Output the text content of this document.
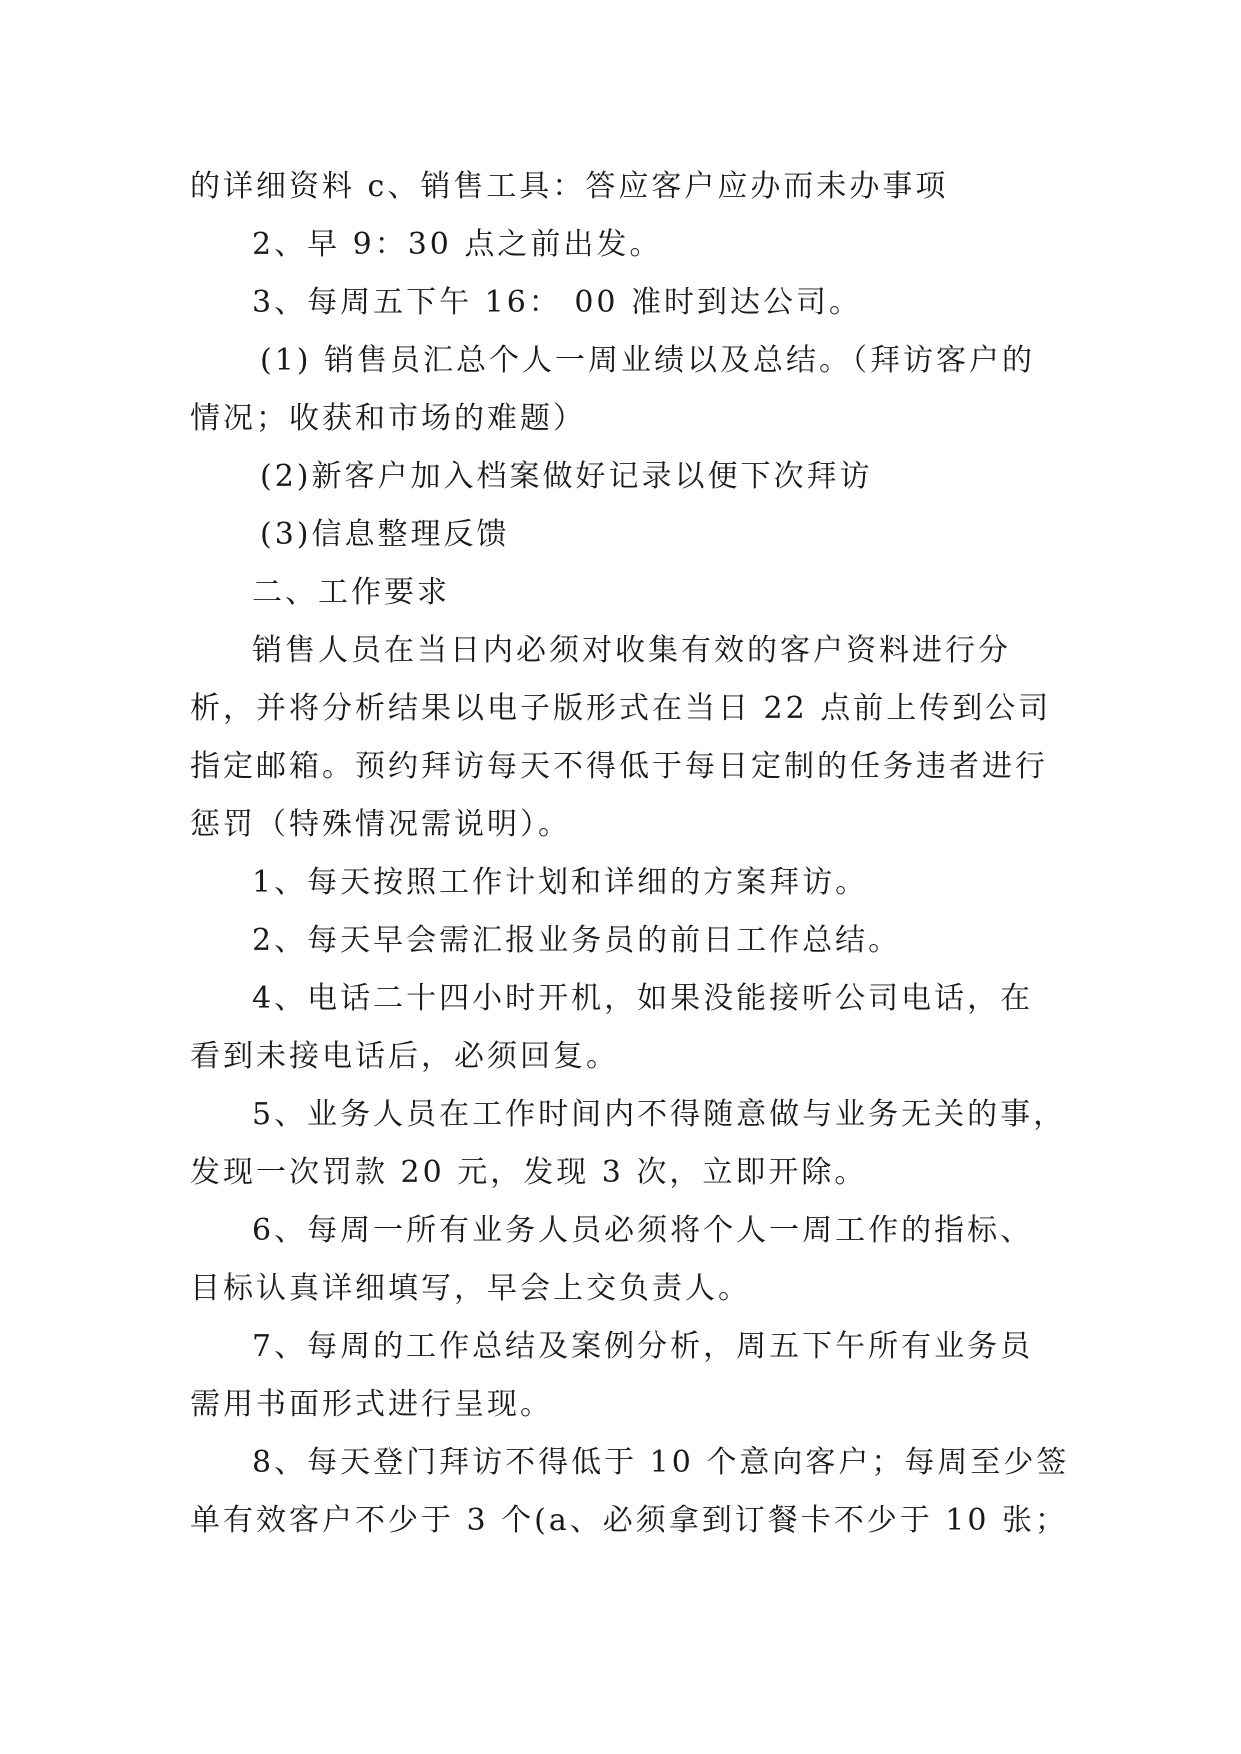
的详细资料 c、销售工具：答应客户应办而未办事项
2、早 9：30 点之前出发。
3、每周五下午 16： 00 准时到达公司。
(1) 销售员汇总个人一周业绩以及总结。（拜访客户的
情况；收获和市场的难题）
(2)新客户加入档案做好记录以便下次拜访
(3)信息整理反馈
二、工作要求
销售人员在当日内必须对收集有效的客户资料进行分
析，并将分析结果以电子版形式在当日 22 点前上传到公司
指定邮箱。预约拜访每天不得低于每日定制的任务违者进行
惩罚（特殊情况需说明）。
1、每天按照工作计划和详细的方案拜访。
2、每天早会需汇报业务员的前日工作总结。
4、电话二十四小时开机，如果没能接听公司电话，在
看到未接电话后，必须回复。
5、业务人员在工作时间内不得随意做与业务无关的事，
发现一次罚款 20 元，发现 3 次，立即开除。
6、每周一所有业务人员必须将个人一周工作的指标、
目标认真详细填写，早会上交负责人。
7、每周的工作总结及案例分析，周五下午所有业务员
需用书面形式进行呈现。
8、每天登门拜访不得低于 10 个意向客户；每周至少签
单有效客户不少于 3 个(a、必须拿到订餐卡不少于 10 张；
